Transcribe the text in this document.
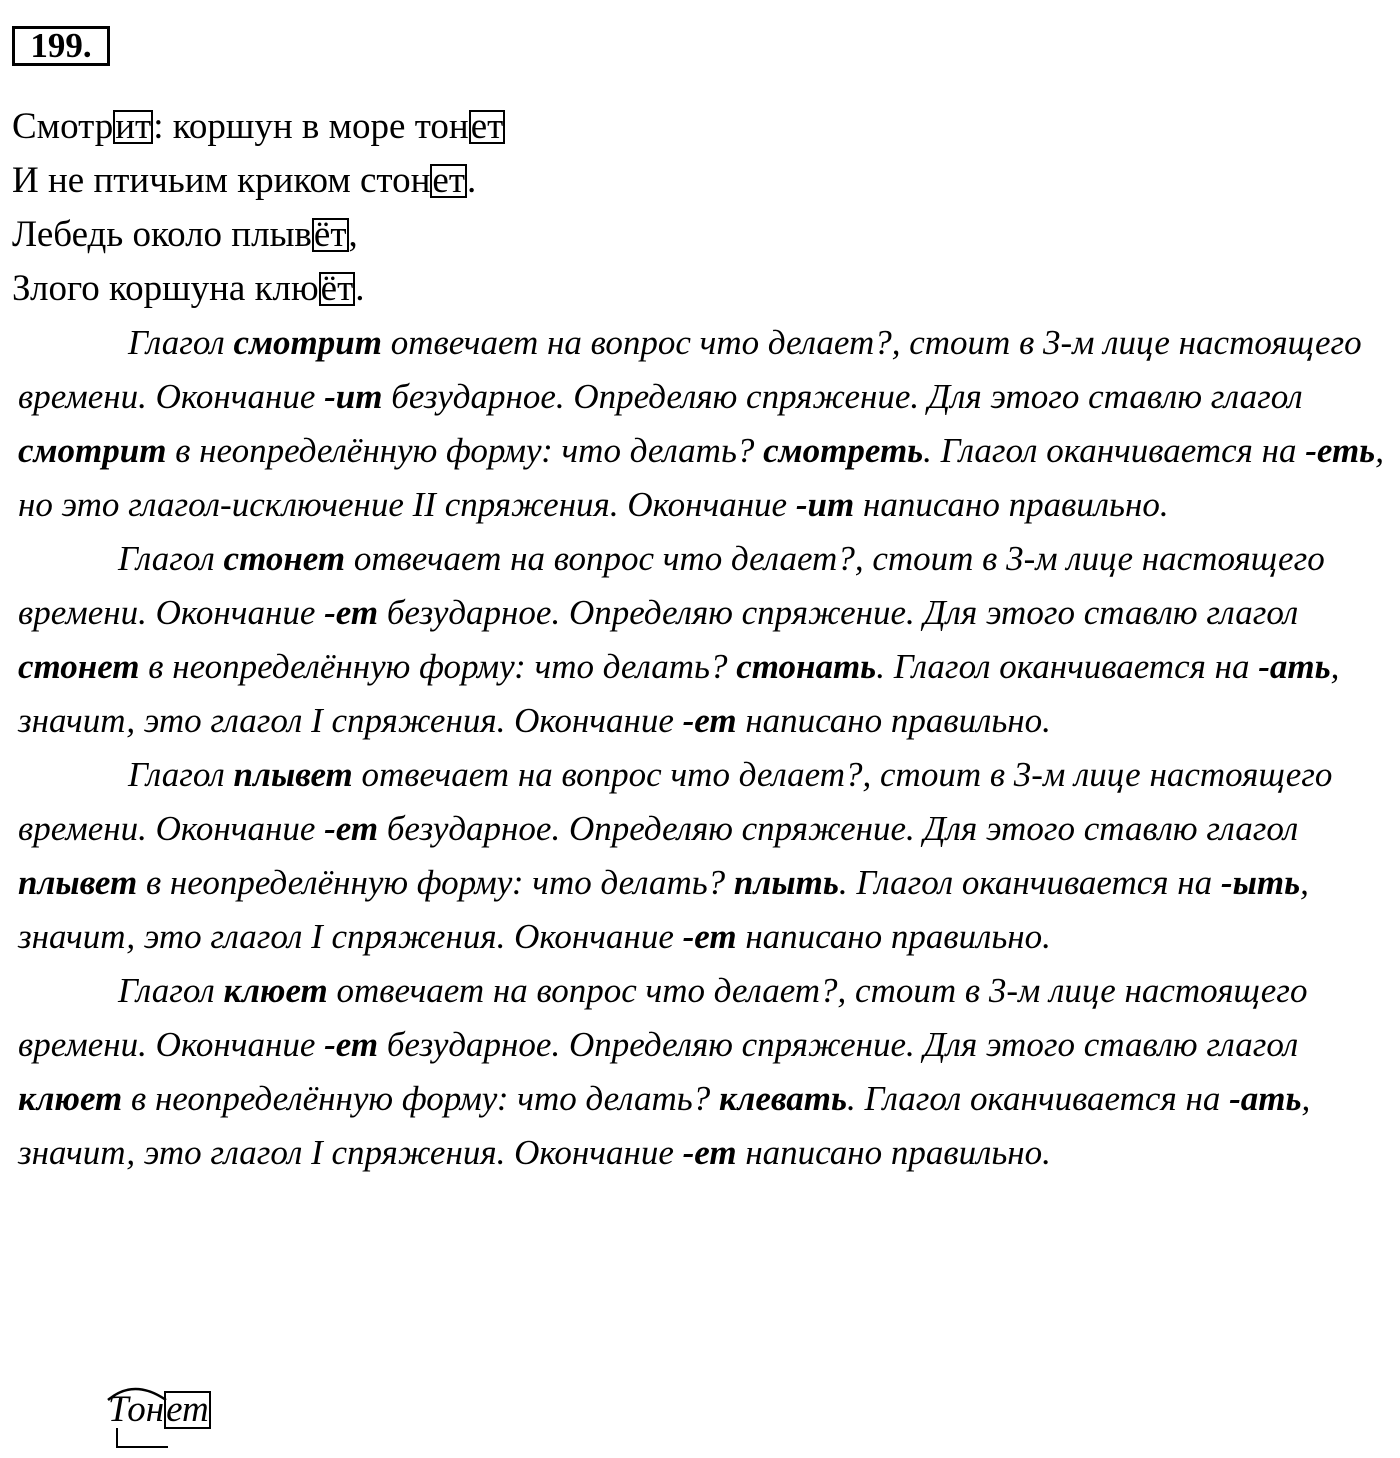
199.
Смотрит: коршун в море тонет
И не птичьим криком стонет.
Лебедь около плывёт,
Злого коршуна клюёт.

Глагол смотрит отвечает на вопрос что делает?, стоит в 3-м лице настоящего времени. Окончание -ит безударное. Определяю спряжение. Для этого ставлю глагол смотрит в неопределённую форму: что делать? смотреть. Глагол оканчивается на -еть, но это глагол-исключение II спряжения. Окончание -ит написано правильно.

Глагол стонет отвечает на вопрос что делает?, стоит в 3-м лице настоящего времени. Окончание -ет безударное. Определяю спряжение. Для этого ставлю глагол стонет в неопределённую форму: что делать? стонать. Глагол оканчивается на -ать, значит, это глагол I спряжения. Окончание -ет написано правильно.

Глагол плывет отвечает на вопрос что делает?, стоит в 3-м лице настоящего времени. Окончание -ет безударное. Определяю спряжение. Для этого ставлю глагол плывет в неопределённую форму: что делать? плыть. Глагол оканчивается на -ыть, значит, это глагол I спряжения. Окончание -ет написано правильно.

Глагол клюет отвечает на вопрос что делает?, стоит в 3-м лице настоящего времени. Окончание -ет безударное. Определяю спряжение. Для этого ставлю глагол клюет в неопределённую форму: что делать? клевать. Глагол оканчивается на -ать, значит, это глагол I спряжения. Окончание -ет написано правильно.

Тонет
